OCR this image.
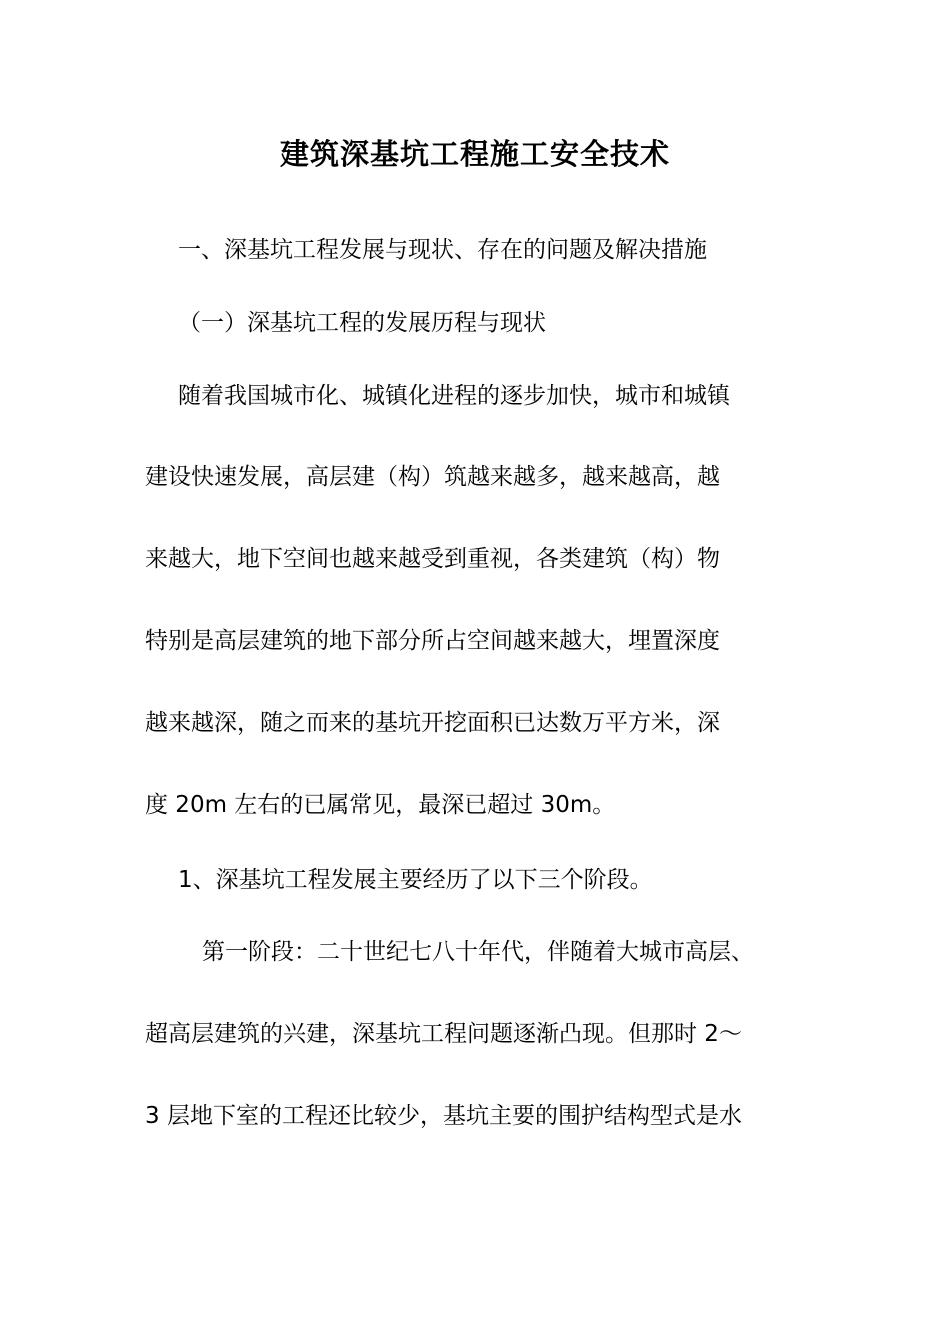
建筑深基坑工程施工安全技术
一、深基坑工程发展与现状、存在的问题及解决措施
（一）深基坑工程的发展历程与现状
随着我国城市化、城镇化进程的逐步加快，城市和城镇
建设快速发展，高层建（构）筑越来越多，越来越高，越
来越大，地下空间也越来越受到重视，各类建筑（构）物
特别是高层建筑的地下部分所占空间越来越大，埋置深度
越来越深，随之而来的基坑开挖面积已达数万平方米，深
度 20m 左右的已属常见，最深已超过 30m。
1、深基坑工程发展主要经历了以下三个阶段。
第一阶段：二十世纪七八十年代，伴随着大城市高层、
超高层建筑的兴建，深基坑工程问题逐渐凸现。但那时 2～
3 层地下室的工程还比较少，基坑主要的围护结构型式是水
